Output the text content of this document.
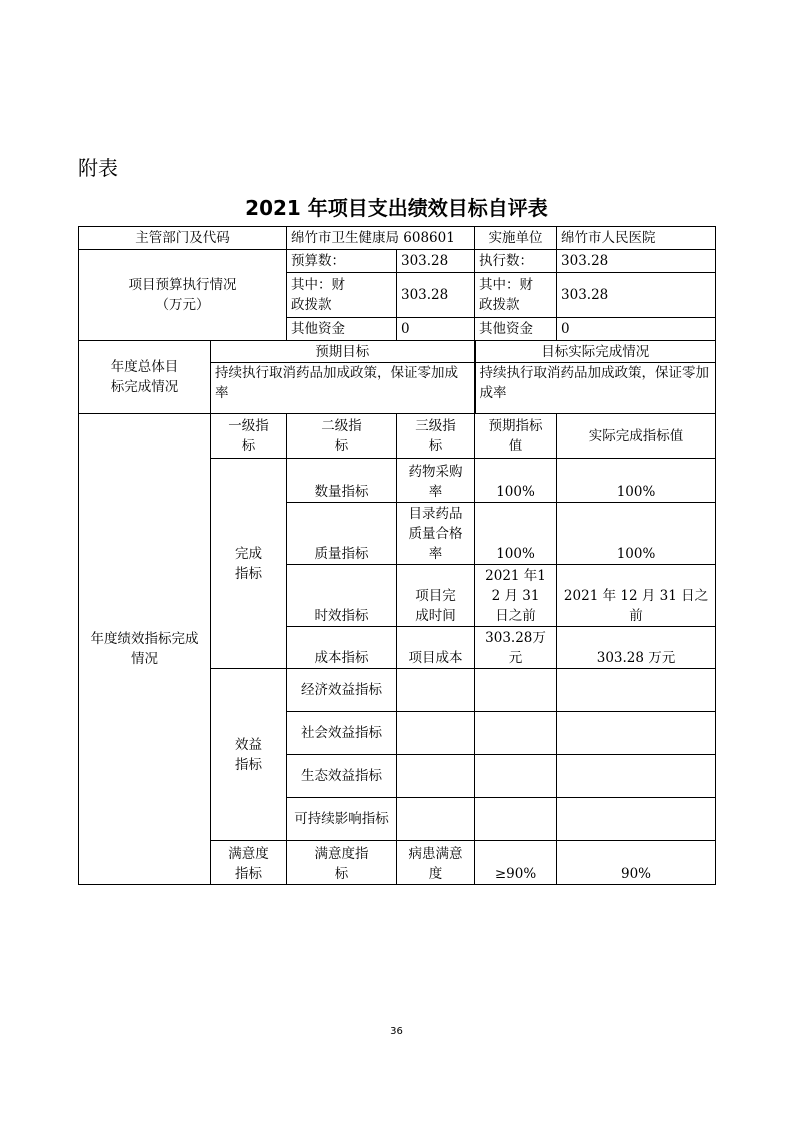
附表
2021 年项目支出绩效目标自评表
主管部门及代码		绵竹市卫生健康局 608601		实施单位	绵竹市人民医院
项目预算执行情况（万元）		预算数：	303.28	执行数：	303.28
		其中：财政拨款	303.28	其中：财政拨款	303.28
		其他资金	0	其他资金	0
年度总体目标完成情况	预期目标			目标实际完成情况	
	持续执行取消药品加成政策，保证零加成率			持续执行取消药品加成政策，保证零加成率	
年度绩效指标完成情况	一级指标	二级指标	三级指标	预期指标值	实际完成指标值
	完成指标	数量指标	药物采购率	100%	100%
		质量指标	目录药品质量合格率	100%	100%
		时效指标	项目完成时间	2021 年12 月 31日之前	2021 年 12 月 31 日之前
		成本指标	项目成本	303.28万元	303.28 万元
	效益指标	经济效益指标			
		社会效益指标			
		生态效益指标			
		可持续影响指标			
	满意度指标	满意度指标	病患满意度	≥90%	90%
36
